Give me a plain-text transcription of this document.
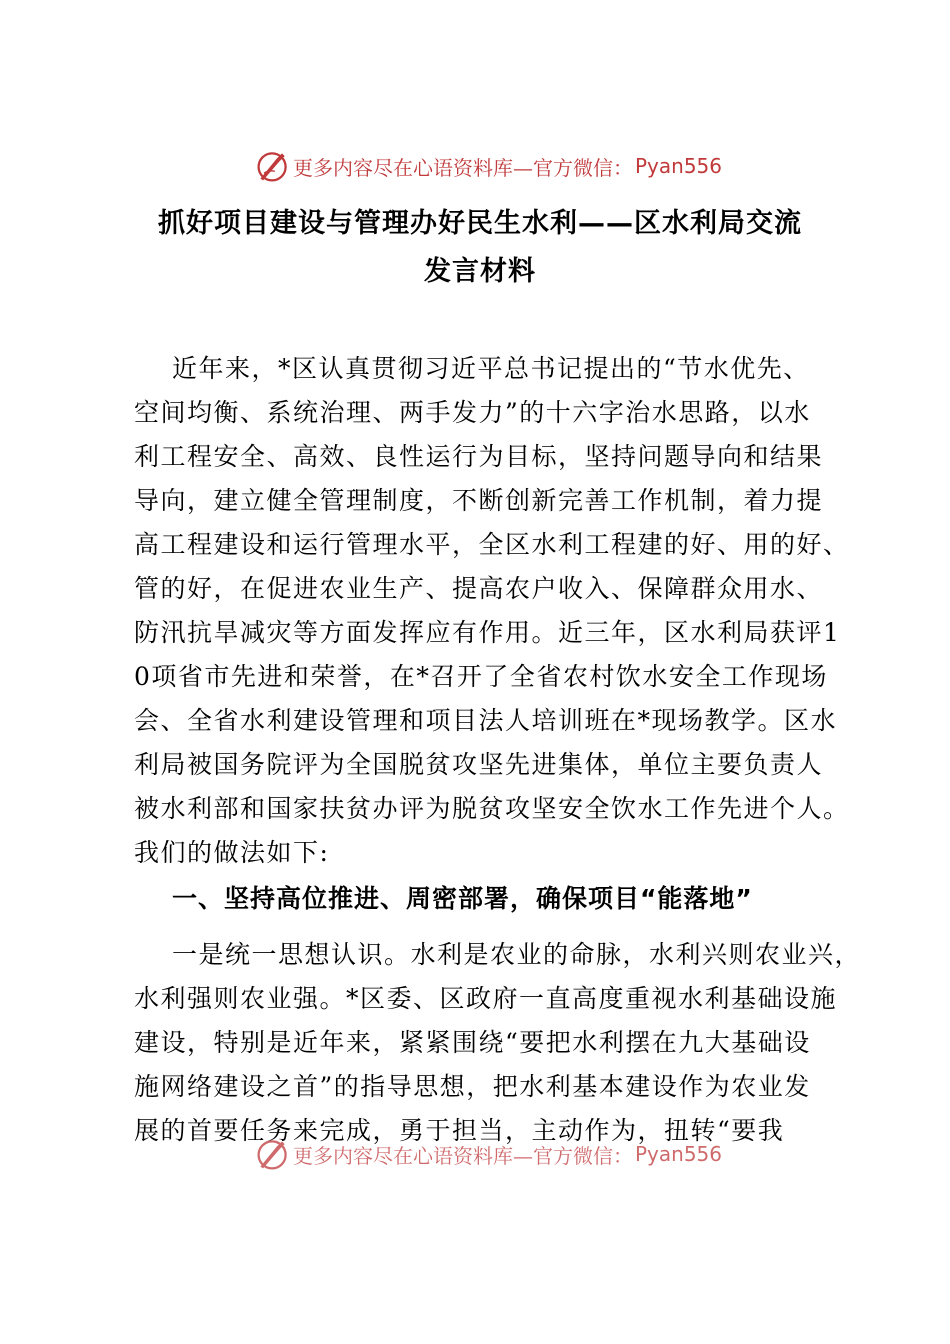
更多内容尽在心语资料库—官方微信： Pyan556
抓好项目建设与管理办好民生水利——区水利局交流发言材料
近年来，*区认真贯彻习近平总书记提出的“节水优先、
空间均衡、系统治理、两手发力”的十六字治水思路，以水
利工程安全、高效、良性运行为目标，坚持问题导向和结果
导向，建立健全管理制度，不断创新完善工作机制，着力提
高工程建设和运行管理水平，全区水利工程建的好、用的好、
管的好，在促进农业生产、提高农户收入、保障群众用水、
防汛抗旱减灾等方面发挥应有作用。近三年，区水利局获评1
0项省市先进和荣誉，在*召开了全省农村饮水安全工作现场
会、全省水利建设管理和项目法人培训班在*现场教学。区水
利局被国务院评为全国脱贫攻坚先进集体，单位主要负责人
被水利部和国家扶贫办评为脱贫攻坚安全饮水工作先进个人。
我们的做法如下:
一、坚持高位推进、周密部署，确保项目“能落地”
一是统一思想认识。水利是农业的命脉，水利兴则农业兴，
水利强则农业强。*区委、区政府一直高度重视水利基础设施
建设，特别是近年来，紧紧围绕“要把水利摆在九大基础设
施网络建设之首”的指导思想，把水利基本建设作为农业发
展的首要任务来完成，勇于担当，主动作为，扭转“要我
更多内容尽在心语资料库—官方微信： Pyan556
